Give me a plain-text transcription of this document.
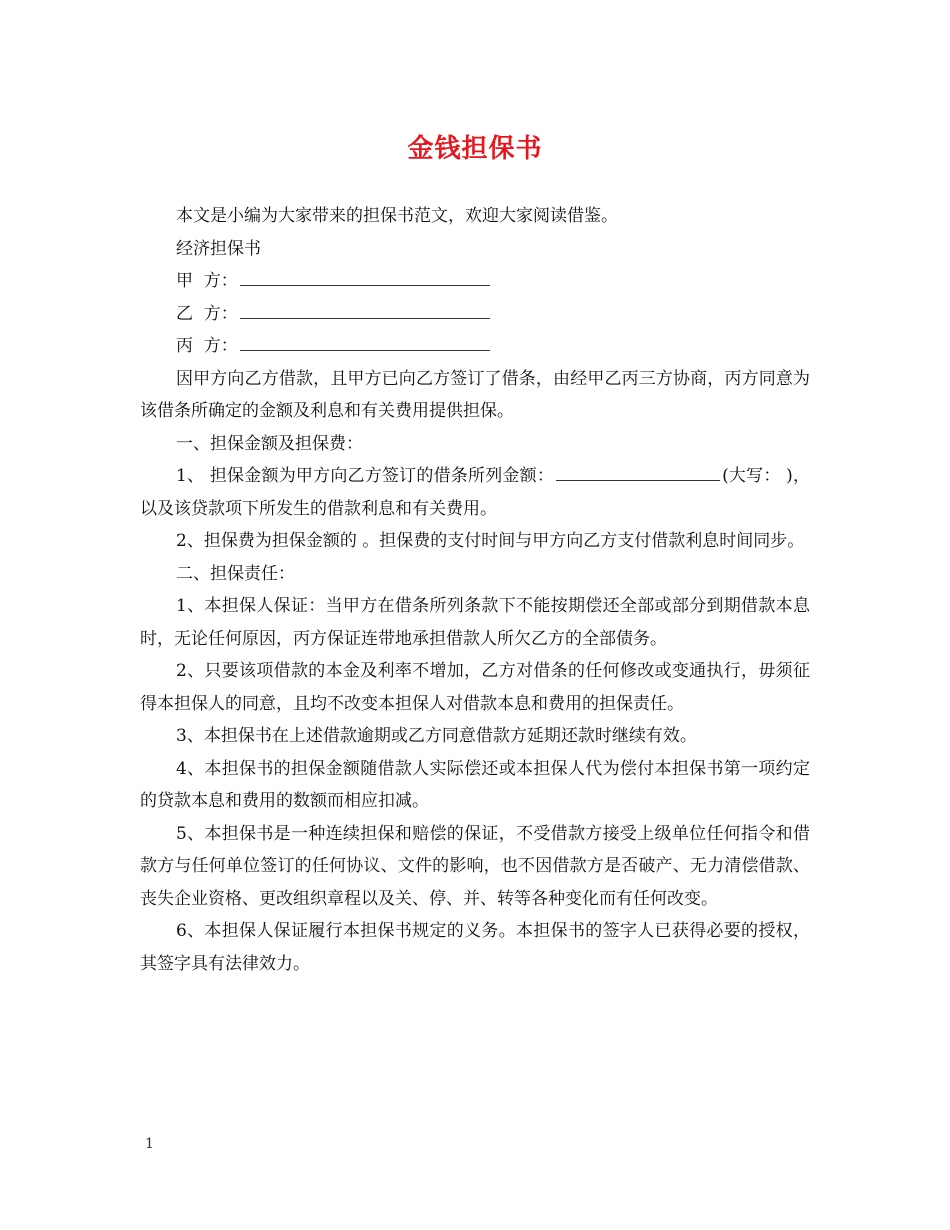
金钱担保书

本文是小编为大家带来的担保书范文，欢迎大家阅读借鉴。

经济担保书

甲  方：
乙  方：
丙  方：

因甲方向乙方借款，且甲方已向乙方签订了借条，由经甲乙丙三方协商，丙方同意为该借条所确定的金额及利息和有关费用提供担保。

一、担保金额及担保费：

1、 担保金额为甲方向乙方签订的借条所列金额：	(大写： )，以及该贷款项下所发生的借款利息和有关费用。

2、担保费为担保金额的 。担保费的支付时间与甲方向乙方支付借款利息时间同步。

二、担保责任：

1、本担保人保证：当甲方在借条所列条款下不能按期偿还全部或部分到期借款本息时，无论任何原因，丙方保证连带地承担借款人所欠乙方的全部债务。

2、只要该项借款的本金及利率不增加，乙方对借条的任何修改或变通执行，毋须征得本担保人的同意，且均不改变本担保人对借款本息和费用的担保责任。

3、本担保书在上述借款逾期或乙方同意借款方延期还款时继续有效。

4、本担保书的担保金额随借款人实际偿还或本担保人代为偿付本担保书第一项约定的贷款本息和费用的数额而相应扣减。

5、本担保书是一种连续担保和赔偿的保证，不受借款方接受上级单位任何指令和借款方与任何单位签订的任何协议、文件的影响，也不因借款方是否破产、无力清偿借款、丧失企业资格、更改组织章程以及关、停、并、转等各种变化而有任何改变。

6、本担保人保证履行本担保书规定的义务。本担保书的签字人已获得必要的授权，其签字具有法律效力。

1
